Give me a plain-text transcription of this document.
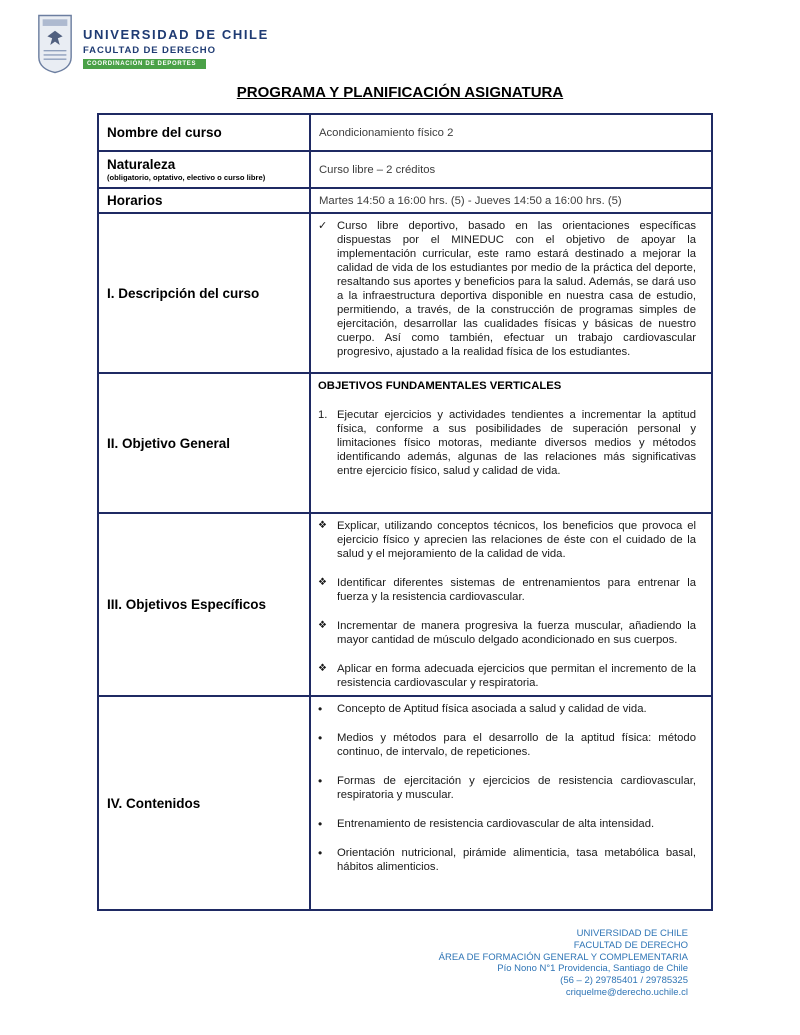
UNIVERSIDAD DE CHILE
FACULTAD DE DERECHO
COORDINACIÓN DE DEPORTES
PROGRAMA Y PLANIFICACIÓN ASIGNATURA
Nombre del curso	Acondicionamiento físico 2
Naturaleza
(obligatorio, optativo, electivo o curso libre)
Curso libre – 2 créditos
Horarios	Martes 14:50 a 16:00 hrs. (5) - Jueves 14:50 a 16:00 hrs. (5)
I. Descripción del curso
✓ Curso libre deportivo, basado en las orientaciones específicas dispuestas por el MINEDUC con el objetivo de apoyar la implementación curricular, este ramo estará destinado a mejorar la calidad de vida de los estudiantes por medio de la práctica del deporte, resaltando sus aportes y beneficios para la salud. Además, se dará uso a la infraestructura deportiva disponible en nuestra casa de estudio, permitiendo, a través, de la construcción de programas simples de ejercitación, desarrollar las cualidades físicas y básicas de nuestro cuerpo. Así como también, efectuar un trabajo cardiovascular progresivo, ajustado a la realidad física de los estudiantes.
II. Objetivo General
OBJETIVOS FUNDAMENTALES VERTICALES
1. Ejecutar ejercicios y actividades tendientes a incrementar la aptitud física, conforme a sus posibilidades de superación personal y limitaciones físico motoras, mediante diversos medios y métodos identificando además, algunas de las relaciones más significativas entre ejercicio físico, salud y calidad de vida.
III. Objetivos Específicos
❖ Explicar, utilizando conceptos técnicos, los beneficios que provoca el ejercicio físico y aprecien las relaciones de éste con el cuidado de la salud y el mejoramiento de la calidad de vida.
❖ Identificar diferentes sistemas de entrenamientos para entrenar la fuerza y la resistencia cardiovascular.
❖ Incrementar de manera progresiva la fuerza muscular, añadiendo la mayor cantidad de músculo delgado acondicionado en sus cuerpos.
❖ Aplicar en forma adecuada ejercicios que permitan el incremento de la resistencia cardiovascular y respiratoria.
IV. Contenidos
• Concepto de Aptitud física asociada a salud y calidad de vida.
• Medios y métodos para el desarrollo de la aptitud física: método continuo, de intervalo, de repeticiones.
• Formas de ejercitación y ejercicios de resistencia cardiovascular, respiratoria y muscular.
• Entrenamiento de resistencia cardiovascular de alta intensidad.
• Orientación nutricional, pirámide alimenticia, tasa metabólica basal, hábitos alimenticios.
UNIVERSIDAD DE CHILE
FACULTAD DE DERECHO
ÁREA DE FORMACIÓN GENERAL Y COMPLEMENTARIA
Pío Nono N°1 Providencia, Santiago de Chile
(56 – 2) 29785401 / 29785325
criquelme@derecho.uchile.cl
